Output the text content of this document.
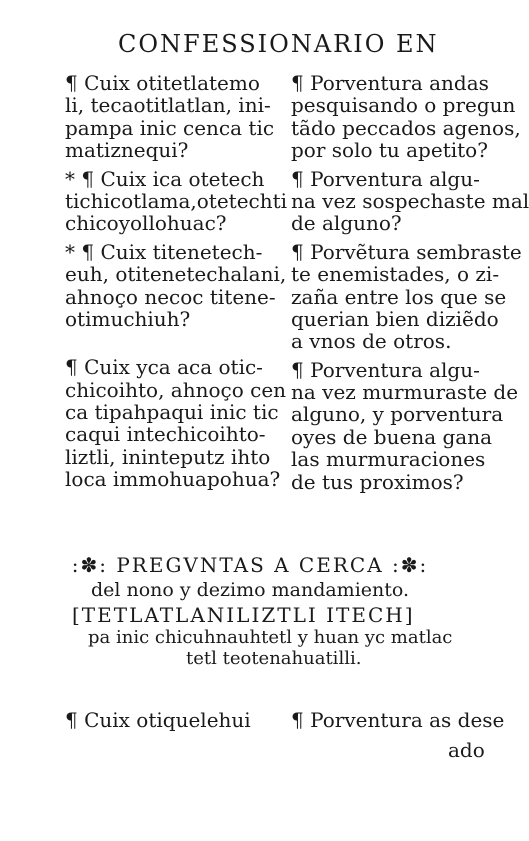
CONFESSIONARIO EN
¶ Cuix otitetlatemo
li, tecaotitlatlan, ini-
pampa inic cenca tic
matiznequi?
* ¶ Cuix ica otetech
tichicotlama,otetechti
chicoyollohuac?
* ¶ Cuix titenetech-
euh, otitenetechalani,
ahnoço necoc titene-
otimuchiuh?
¶ Cuix yca aca otic-
chicoihto, ahnoço cen
ca tipahpaqui inic tic
caqui intechicoihto-
liztli, ininteputz ihto
loca immohuapohua?
¶ Porventura andas
pesquisando o pregun
tãdo peccados agenos,
por solo tu apetito?
¶ Porventura algu-
na vez sospechaste mal
de alguno?
¶ Porvẽtura sembraste
te enemistades, o zi-
zaña entre los que se
querian bien diziẽdo
a vnos de otros.
¶ Porventura algu-
na vez murmuraste de
alguno, y porventura
oyes de buena gana
las murmuraciones
de tus proximos?
:✽: PREGVNTAS A CERCA :✽:
del nono y dezimo mandamiento.
[TETLATLANILIZTLI ITECH]
pa inic chicuhnauhtetl y huan yc matlac
tetl teotenahuatilli.
¶ Cuix otiquelehui ¶ Porventura as dese
ado
